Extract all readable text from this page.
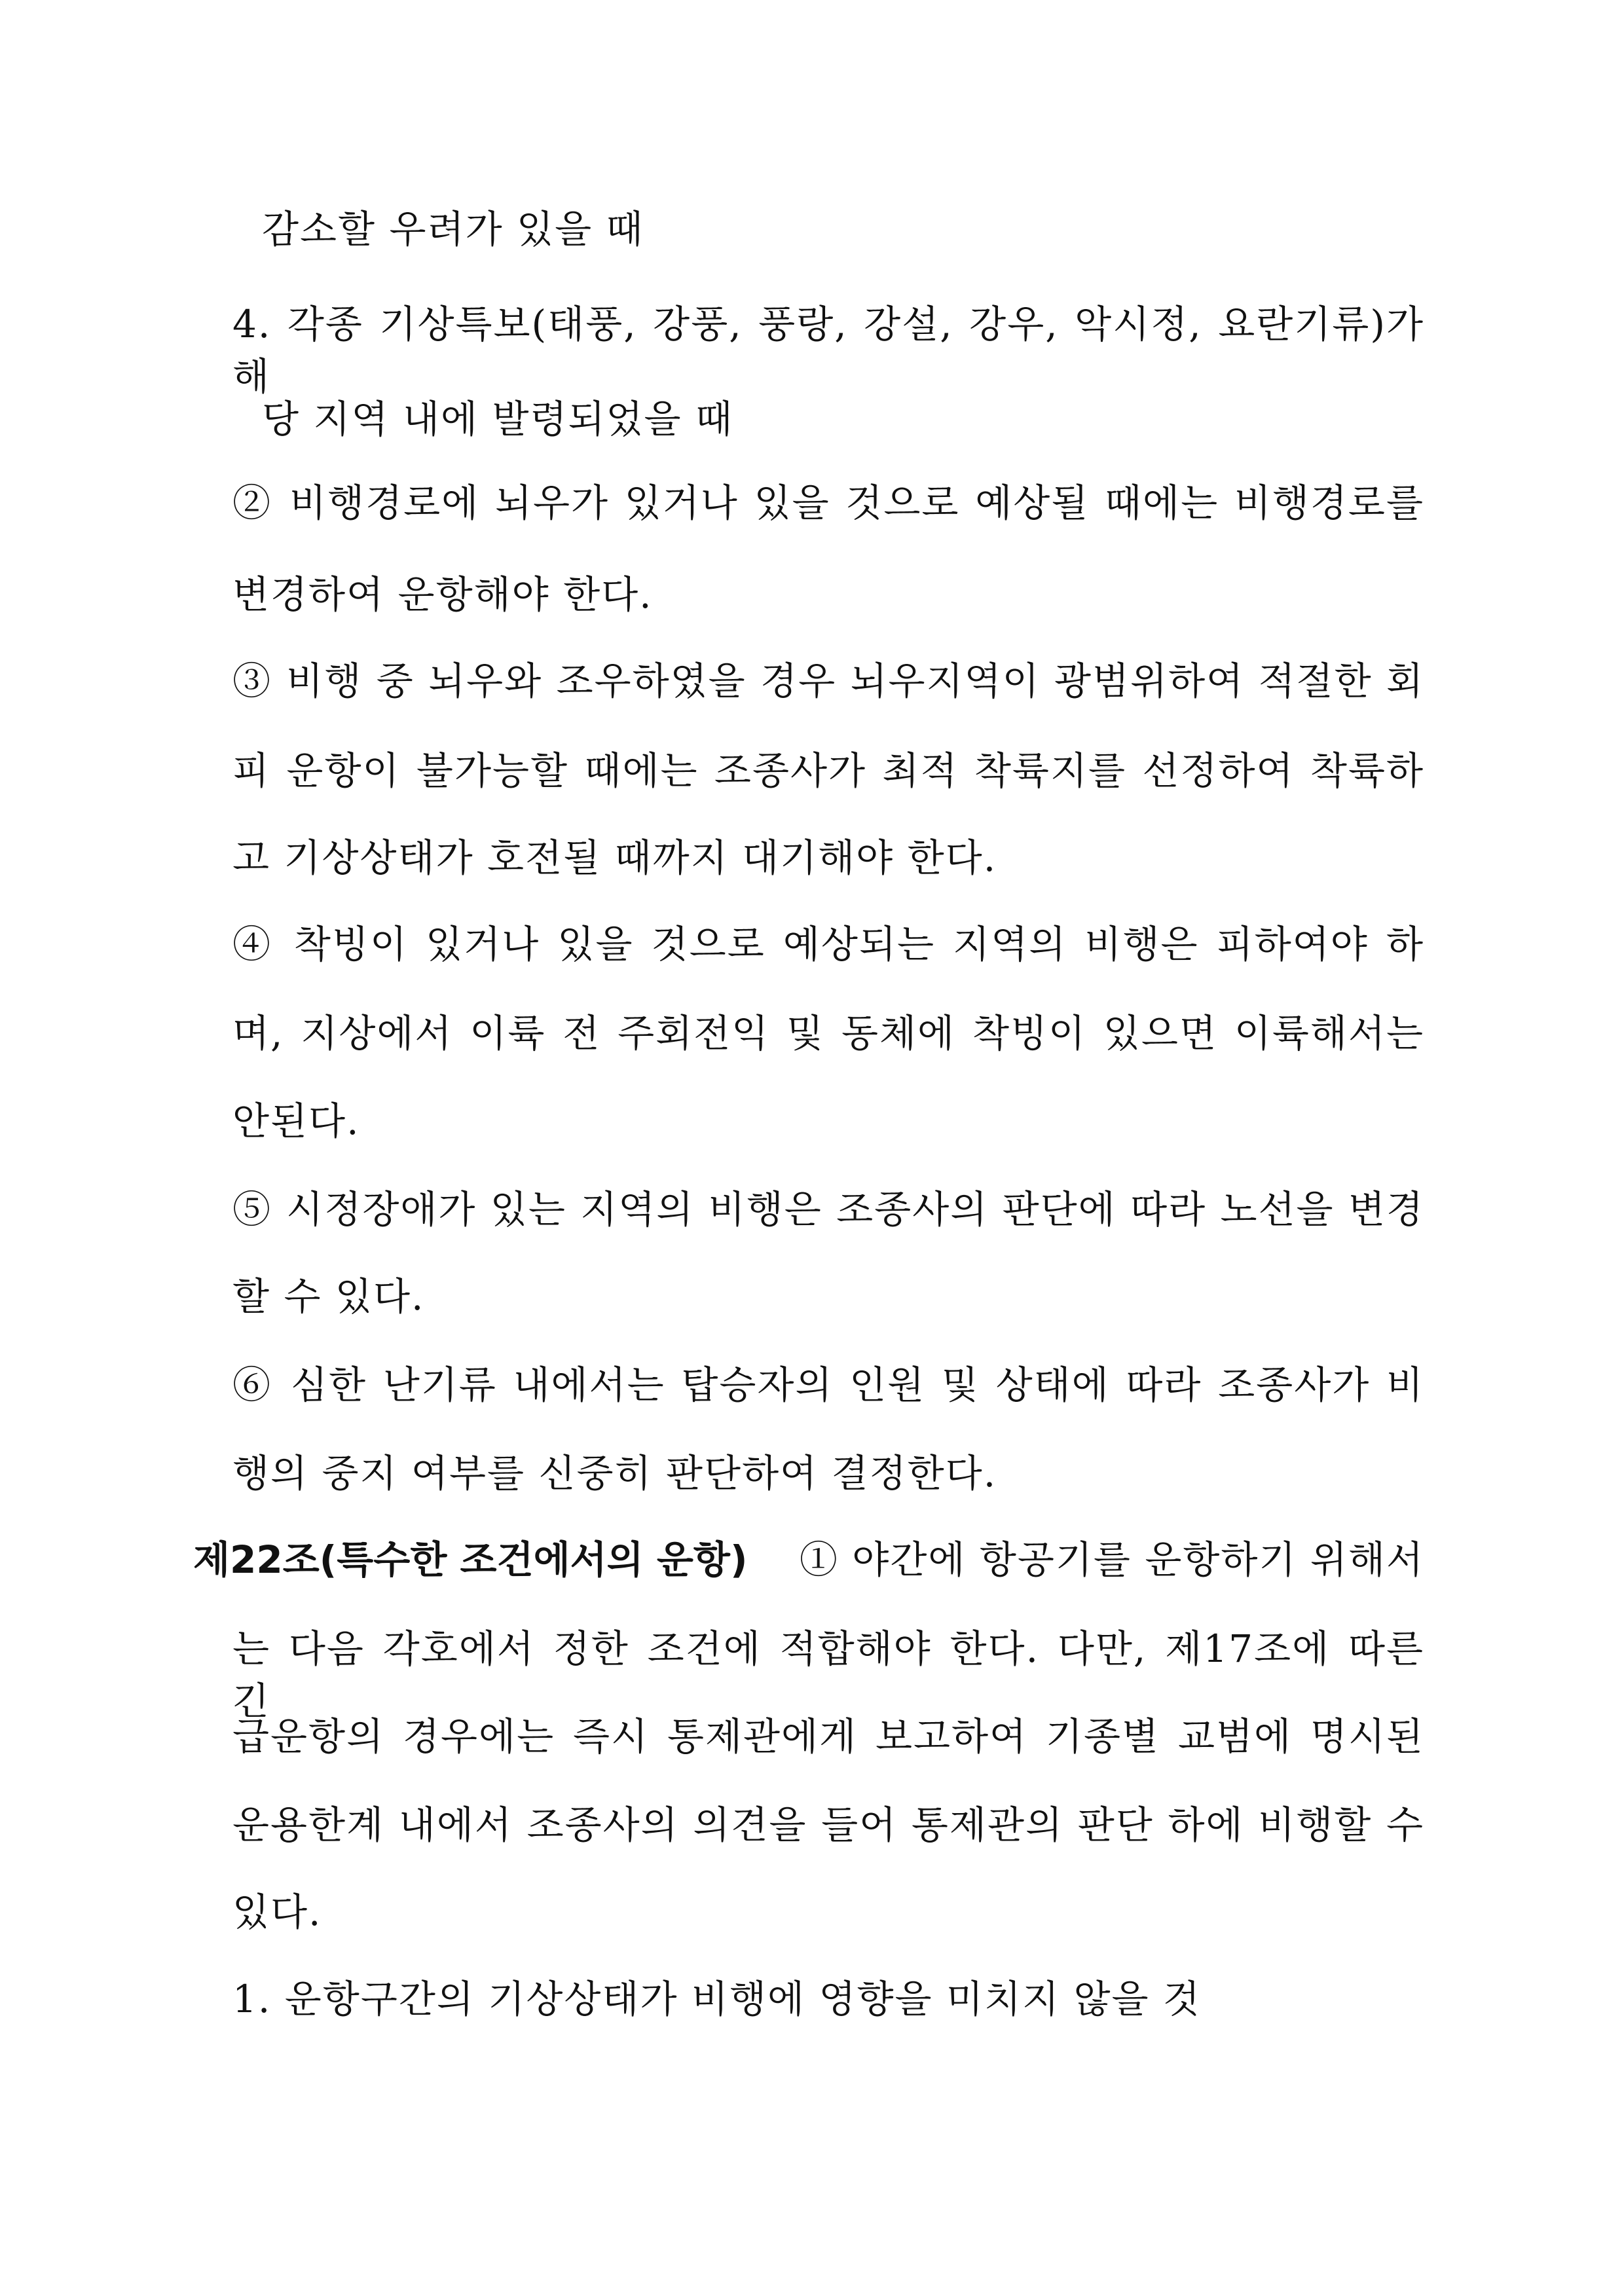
감소할 우려가 있을 때
4. 각종 기상특보(태풍, 강풍, 풍랑, 강설, 강우, 악시정, 요란기류)가 해
당 지역 내에 발령되었을 때
② 비행경로에 뇌우가 있거나 있을 것으로 예상될 때에는 비행경로를
변경하여 운항해야 한다.
③ 비행 중 뇌우와 조우하였을 경우 뇌우지역이 광범위하여 적절한 회
피 운항이 불가능할 때에는 조종사가 최적 착륙지를 선정하여 착륙하
고 기상상태가 호전될 때까지 대기해야 한다.
④ 착빙이 있거나 있을 것으로 예상되는 지역의 비행은 피하여야 하
며, 지상에서 이륙 전 주회전익 및 동체에 착빙이 있으면 이륙해서는
안된다.
⑤ 시정장애가 있는 지역의 비행은 조종사의 판단에 따라 노선을 변경
할 수 있다.
⑥ 심한 난기류 내에서는 탑승자의 인원 및 상태에 따라 조종사가 비
행의 중지 여부를 신중히 판단하여 결정한다.
제22조(특수한 조건에서의 운항) ① 야간에 항공기를 운항하기 위해서
는 다음 각호에서 정한 조건에 적합해야 한다. 다만, 제17조에 따른 긴
급운항의 경우에는 즉시 통제관에게 보고하여 기종별 교범에 명시된
운용한계 내에서 조종사의 의견을 들어 통제관의 판단 하에 비행할 수
있다.
1. 운항구간의 기상상태가 비행에 영향을 미치지 않을 것
